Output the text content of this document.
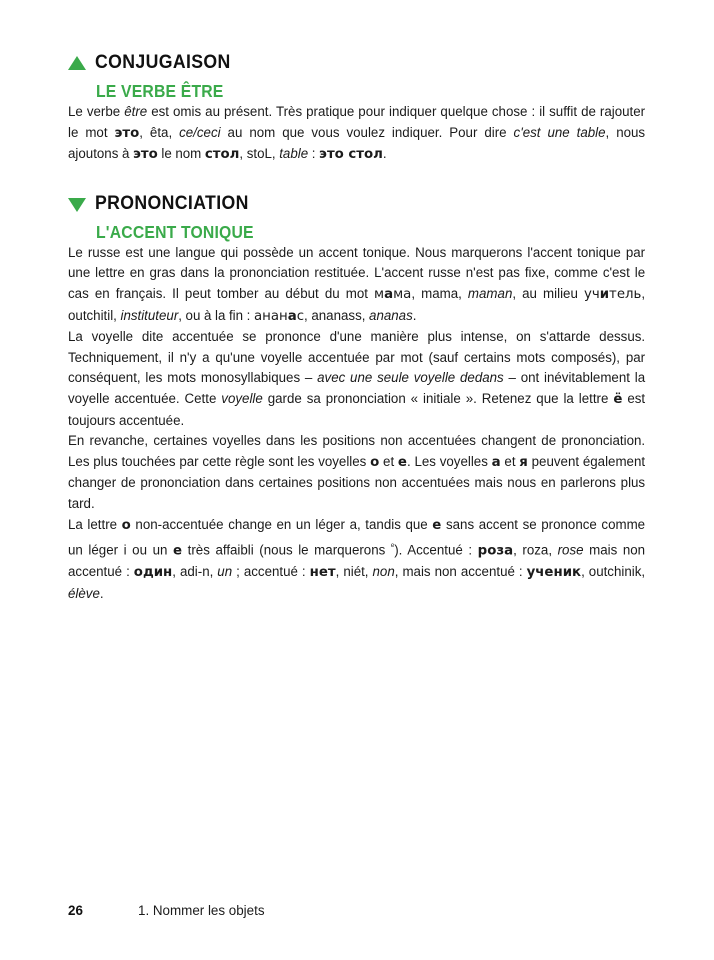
CONJUGAISON
LE VERBE ÊTRE

Le verbe être est omis au présent. Très pratique pour indiquer quelque chose : il suffit de rajouter le mot это, êta, ce/ceci au nom que vous voulez indiquer. Pour dire c'est une table, nous ajoutons à это le nom стол, stoL, table : это стол.

PRONONCIATION
L'ACCENT TONIQUE

Le russe est une langue qui possède un accent tonique. Nous marquerons l'accent tonique par une lettre en gras dans la prononciation restituée. L'accent russe n'est pas fixe, comme c'est le cas en français. Il peut tomber au début du mot мама, mama, maman, au milieu учитель, outchitil, instituteur, ou à la fin : ананас, ananass, ananas.

La voyelle dite accentuée se prononce d'une manière plus intense, on s'attarde dessus. Techniquement, il n'y a qu'une voyelle accentuée par mot (sauf certains mots composés), par conséquent, les mots monosyllabiques – avec une seule voyelle dedans – ont inévitablement la voyelle accentuée. Cette voyelle garde sa prononciation « initiale ». Retenez que la lettre ё est toujours accentuée.

En revanche, certaines voyelles dans les positions non accentuées changent de prononciation. Les plus touchées par cette règle sont les voyelles о et е. Les voyelles а et я peuvent également changer de prononciation dans certaines positions non accentuées mais nous en parlerons plus tard.

La lettre о non-accentuée change en un léger a, tandis que е sans accent se prononce comme un léger i ou un е très affaibli (nous le marquerons $^ᵉ$). Accentué : роза, roza, rose mais non accentué : один, adi-n, un ; accentué : нет, niét, non, mais non accentué : ученик, outchinik, élève.

26	1. Nommer les objets
